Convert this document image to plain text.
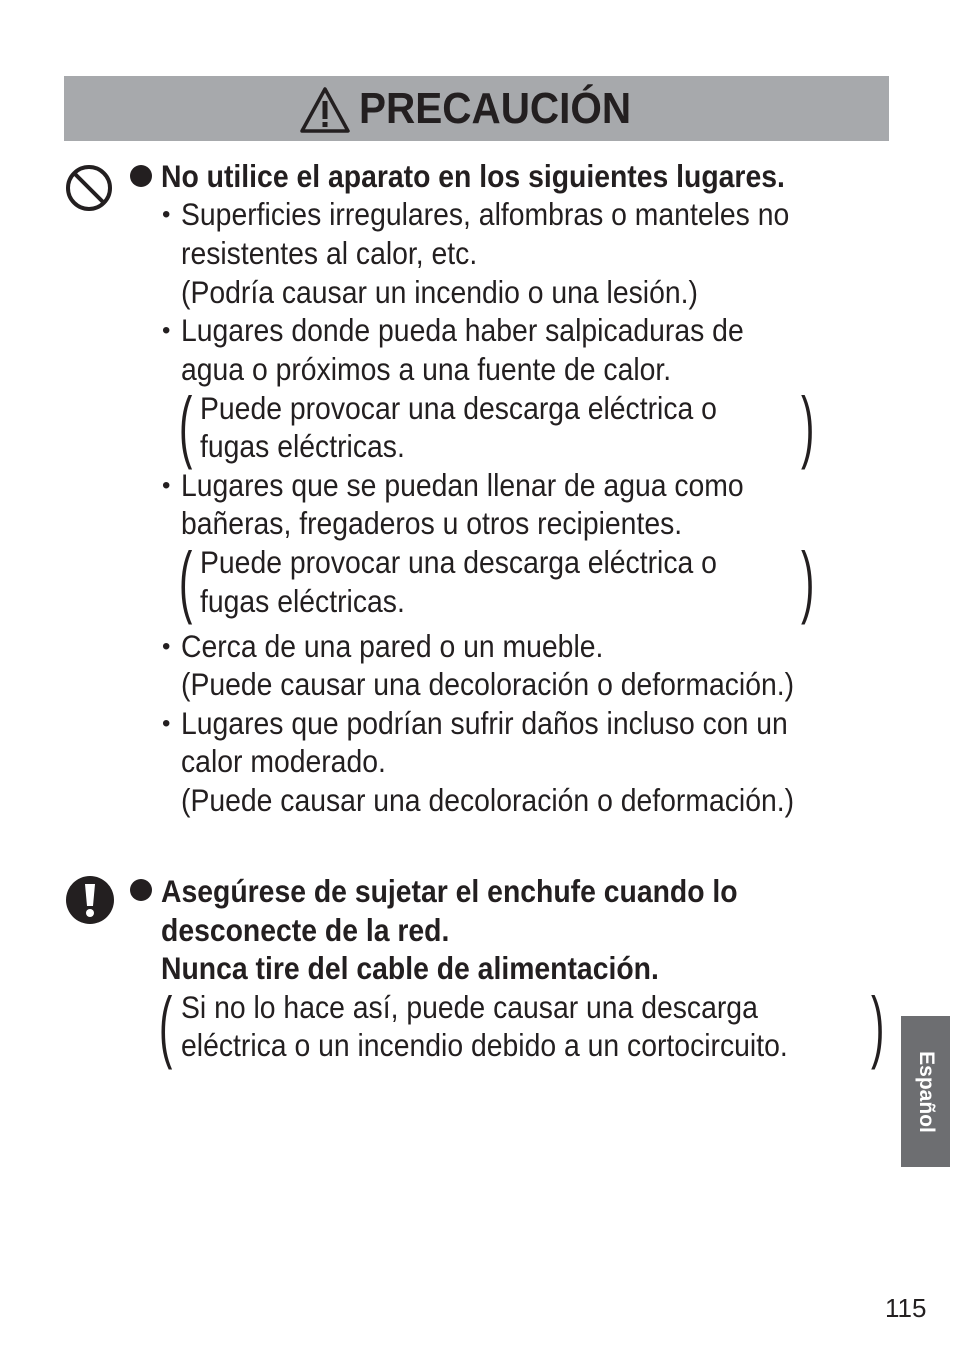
PRECAUCIÓN
No utilice el aparato en los siguientes lugares.
• Superficies irregulares, alfombras o manteles no
resistentes al calor, etc.
(Podría causar un incendio o una lesión.)
• Lugares donde pueda haber salpicaduras de
agua o próximos a una fuente de calor.
( Puede provocar una descarga eléctrica o
fugas eléctricas.	)
• Lugares que se puedan llenar de agua como
bañeras, fregaderos u otros recipientes.
( Puede provocar una descarga eléctrica o
fugas eléctricas.	)
• Cerca de una pared o un mueble.
(Puede causar una decoloración o deformación.)
• Lugares que podrían sufrir daños incluso con un
calor moderado.
(Puede causar una decoloración o deformación.)
Asegúrese de sujetar el enchufe cuando lo
desconecte de la red.
Nunca tire del cable de alimentación.
( Si no lo hace así, puede causar una descarga
eléctrica o un incendio debido a un cortocircuito. )
Español
115
